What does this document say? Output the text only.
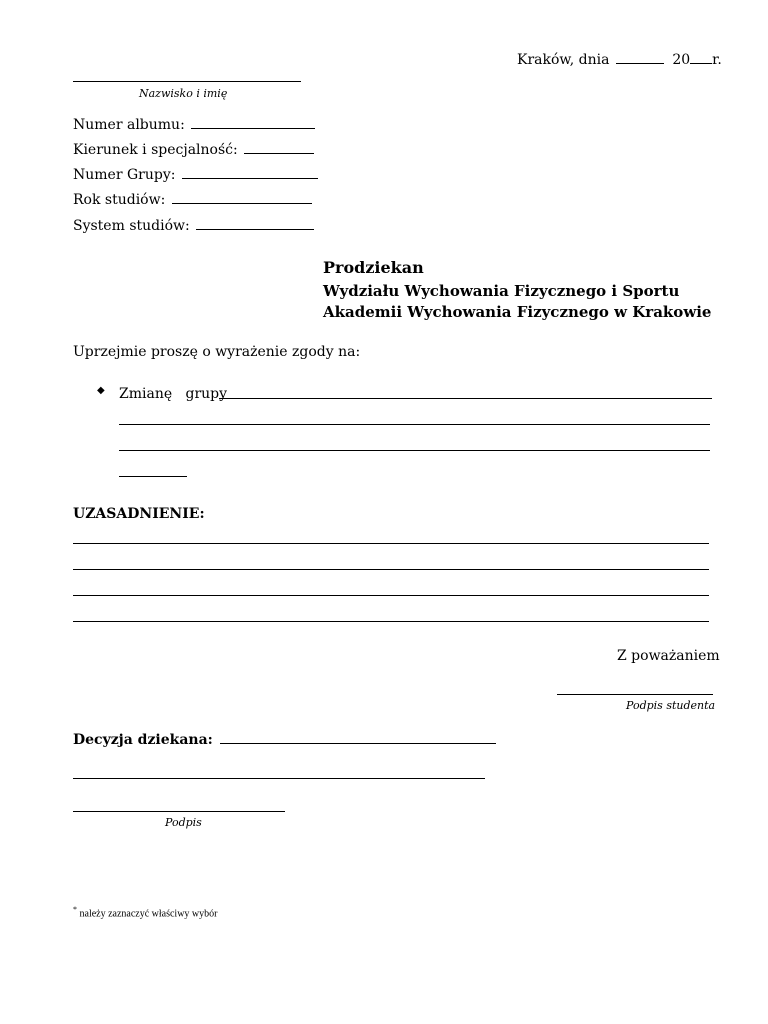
Kraków, dnia	20 r.
Nazwisko i imię
Numer albumu:
Kierunek i specjalność:
Numer Grupy:
Rok studiów:
System studiów:
Prodziekan
Wydziału Wychowania Fizycznego i Sportu
Akademii Wychowania Fizycznego w Krakowie
Uprzejmie proszę o wyrażenie zgody na:
◆ Zmianę   grupy
UZASADNIENIE:
Z poważaniem
Podpis studenta
Decyzja dziekana:
Podpis
* należy zaznaczyć właściwy wybór
